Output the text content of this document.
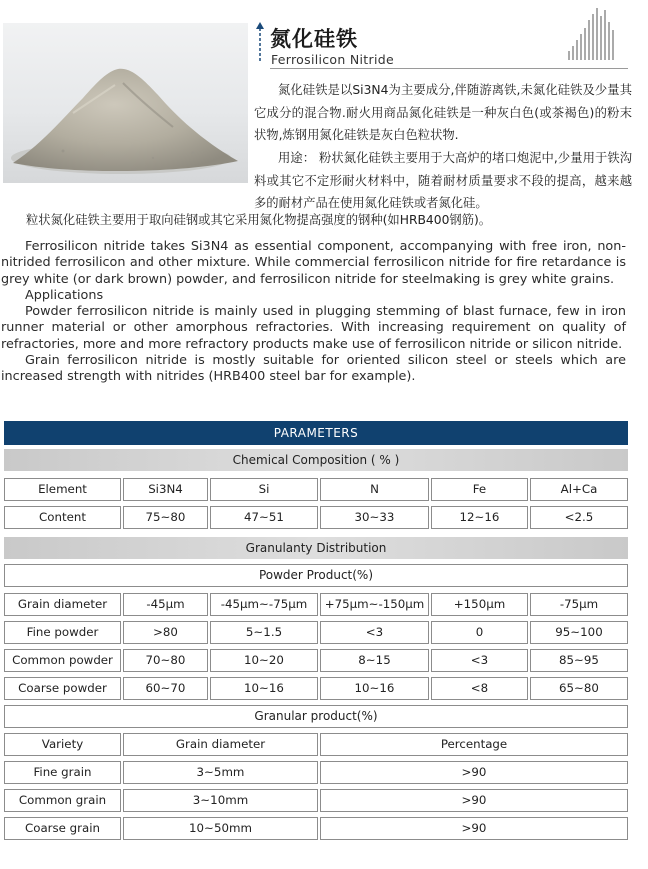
氮化硅铁
Ferrosilicon Nitride
氮化硅铁是以Si3N4为主要成分,伴随游离铁,未氮化硅铁及少量其它成分的混合物.耐火用商品氮化硅铁是一种灰白色(或茶褐色)的粉末状物,炼钢用氮化硅铁是灰白色粒状物.
用途： 粉状氮化硅铁主要用于大高炉的堵口炮泥中,少量用于铁沟料或其它不定形耐火材料中，随着耐材质量要求不段的提高，越来越多的耐材产品在使用氮化硅铁或者氮化硅。
粒状氮化硅铁主要用于取向硅钢或其它采用氮化物提高强度的钢种(如HRB400钢筋)。

Ferrosilicon nitride takes Si3N4 as essential component, accompanying with free iron, non-nitrided ferrosilicon and other mixture. While commercial ferrosilicon nitride for fire retardance is grey white (or dark brown) powder, and ferrosilicon nitride for steelmaking is grey white grains.

Applications

Powder ferrosilicon nitride is mainly used in plugging stemming of blast furnace, few in iron runner material or other amorphous refractories. With increasing requirement on quality of refractories, more and more refractory products make use of ferrosilicon nitride or silicon nitride.

Grain ferrosilicon nitride is mostly suitable for oriented silicon steel or steels which are increased strength with nitrides (HRB400 steel bar for example).

PARAMETERS
Chemical Composition ( % )
Element	Si3N4	Si	N	Fe	Al+Ca
Content	75~80	47~51	30~33	12~16	<2.5
Granulanty Distribution
Powder Product(%)
Grain diameter	-45μm	-45μm~-75μm	+75μm~-150μm	+150μm	-75μm
Fine powder	>80	5~1.5	<3	0	95~100
Common powder	70~80	10~20	8~15	<3	85~95
Coarse powder	60~70	10~16	10~16	<8	65~80
Granular product(%)
Variety	Grain diameter	Percentage
Fine grain	3~5mm	>90
Common grain	3~10mm	>90
Coarse grain	10~50mm	>90
